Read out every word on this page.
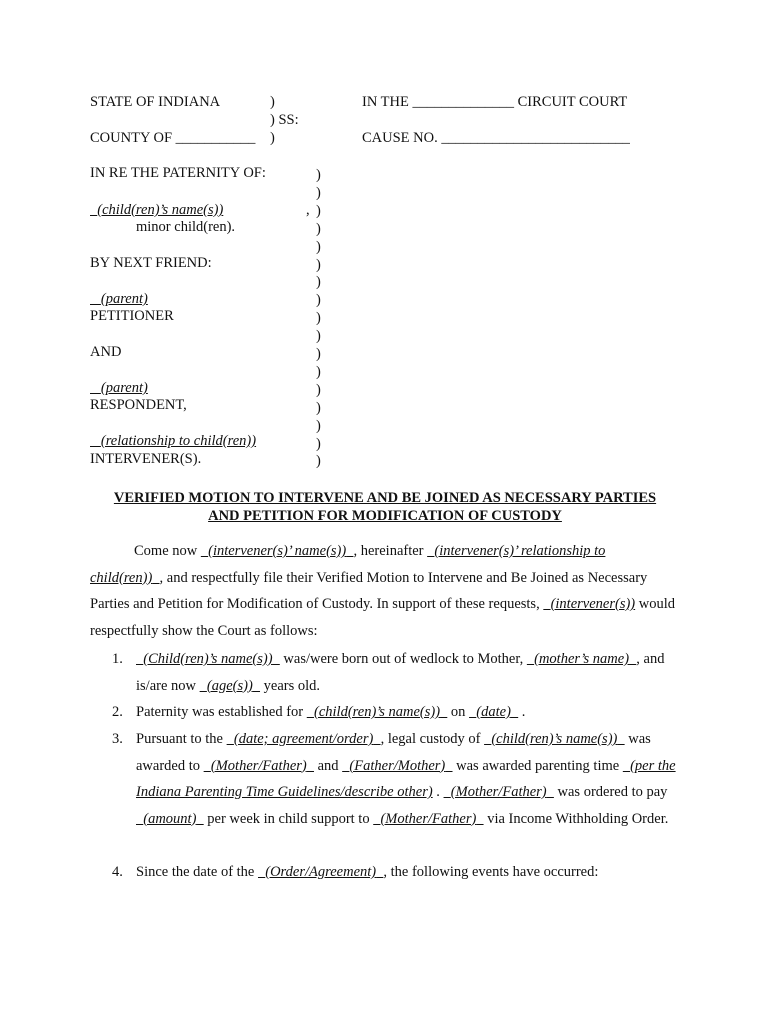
STATE OF INDIANA	)
) SS:
COUNTY OF ___________ )
IN THE ______________ CIRCUIT COURT
CAUSE NO. __________________________
IN RE THE PATERNITY OF:
(child(ren)’s name(s))	,
minor child(ren).
BY NEXT FRIEND:
(parent)
PETITIONER
AND
(parent)
RESPONDENT,
(relationship to child(ren))
INTERVENER(S).
)
)
)
)
)
)
)
)
)
)
)
)
)
)
)
)
)
VERIFIED MOTION TO INTERVENE AND BE JOINED AS NECESSARY PARTIES
AND PETITION FOR MODIFICATION OF CUSTODY
Come now (intervener(s)’ name(s)) , hereinafter (intervener(s)’ relationship to child(ren)) , and respectfully file their Verified Motion to Intervene and Be Joined as Necessary Parties and Petition for Modification of Custody. In support of these requests, (intervener(s)) would respectfully show the Court as follows:
1.	(Child(ren)’s name(s)) was/were born out of wedlock to Mother, (mother’s name) , and is/are now (age(s)) years old.
2. Paternity was established for (child(ren)’s name(s)) on (date) .
3. Pursuant to the (date; agreement/order) , legal custody of (child(ren)’s name(s)) was awarded to (Mother/Father) and (Father/Mother) was awarded parenting time (per the Indiana Parenting Time Guidelines/describe other) . (Mother/Father) was ordered to pay   (amount) per week in child support to (Mother/Father) via Income Withholding Order.
4. Since the date of the (Order/Agreement) , the following events have occurred:
